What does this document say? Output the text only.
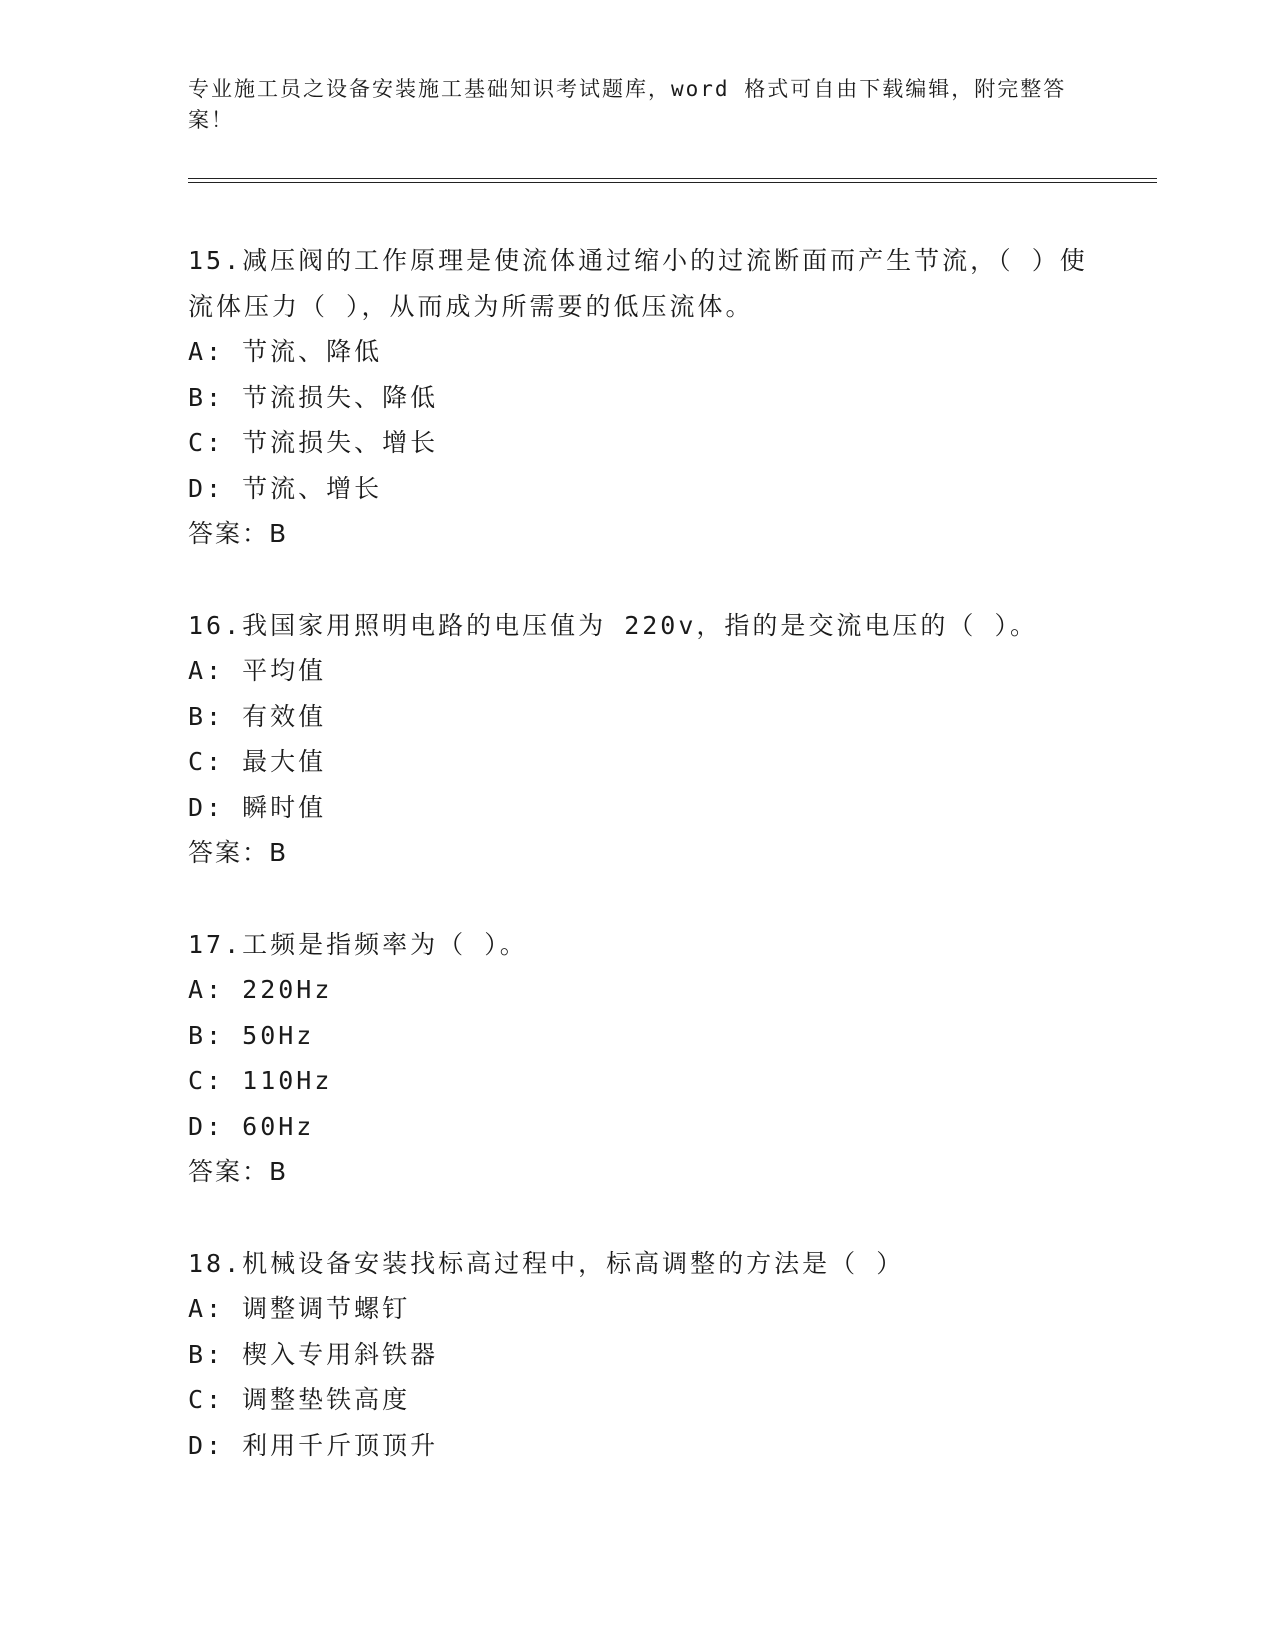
专业施工员之设备安装施工基础知识考试题库，word 格式可自由下载编辑，附完整答案！
15.减压阀的工作原理是使流体通过缩小的过流断面而产生节流，（ ）使流体压力（ ），从而成为所需要的低压流体。
A: 节流、降低
B: 节流损失、降低
C: 节流损失、增长
D: 节流、增长
答案：B
16.我国家用照明电路的电压值为 220v，指的是交流电压的（ ）。
A: 平均值
B: 有效值
C: 最大值
D: 瞬时值
答案：B
17.工频是指频率为（ ）。
A: 220Hz
B: 50Hz
C: 110Hz
D: 60Hz
答案：B
18.机械设备安装找标高过程中，标高调整的方法是（ ）
A: 调整调节螺钉
B: 楔入专用斜铁器
C: 调整垫铁高度
D: 利用千斤顶顶升
